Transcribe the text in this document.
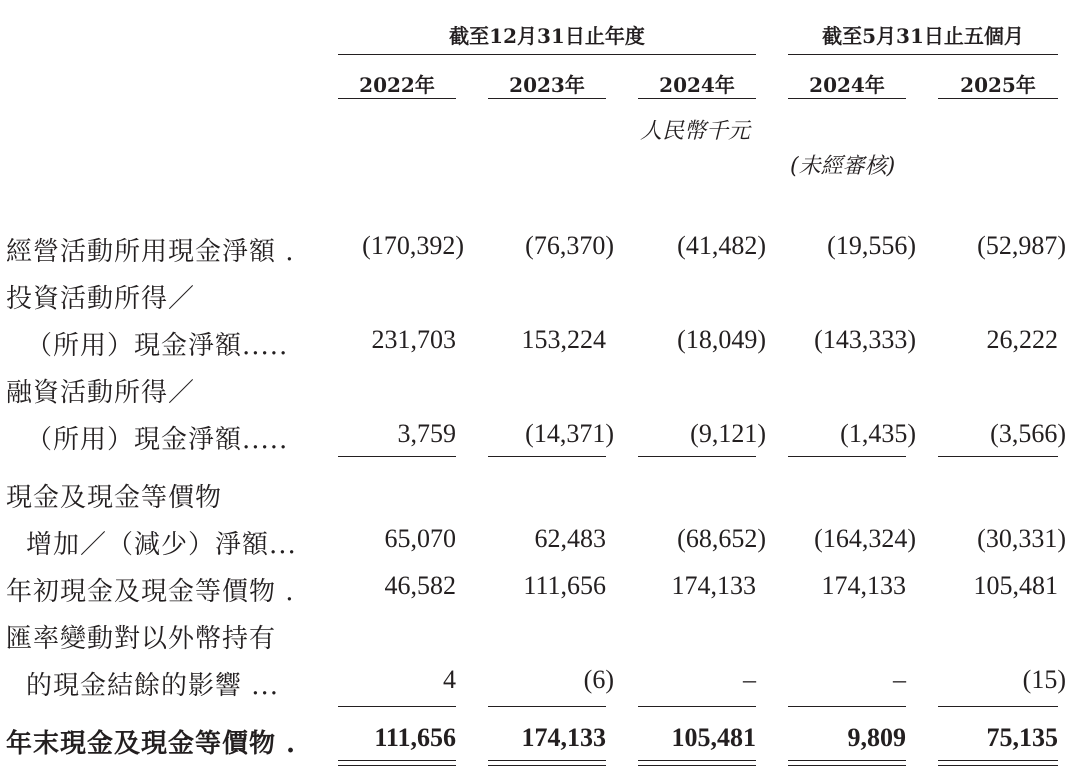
截至12月31日止年度	截至5月31日止五個月
2022年	2023年	2024年	2024年	2025年
人民幣千元
(未經審核)
經營活動所用現金淨額 .	(170,392)	(76,370)	(41,482)	(19,556)	(52,987)
投資活動所得／
（所用）現金淨額.....	231,703	153,224	(18,049)	(143,333)	26,222
融資活動所得／
（所用）現金淨額.....	3,759	(14,371)	(9,121)	(1,435)	(3,566)
現金及現金等價物
增加／（減少）淨額...	65,070	62,483	(68,652)	(164,324)	(30,331)
年初現金及現金等價物 .	46,582	111,656	174,133	174,133	105,481
匯率變動對以外幣持有
的現金結餘的影響 ...	4	(6)	–	–	(15)
年末現金及現金等價物 .	111,656	174,133	105,481	9,809	75,135
